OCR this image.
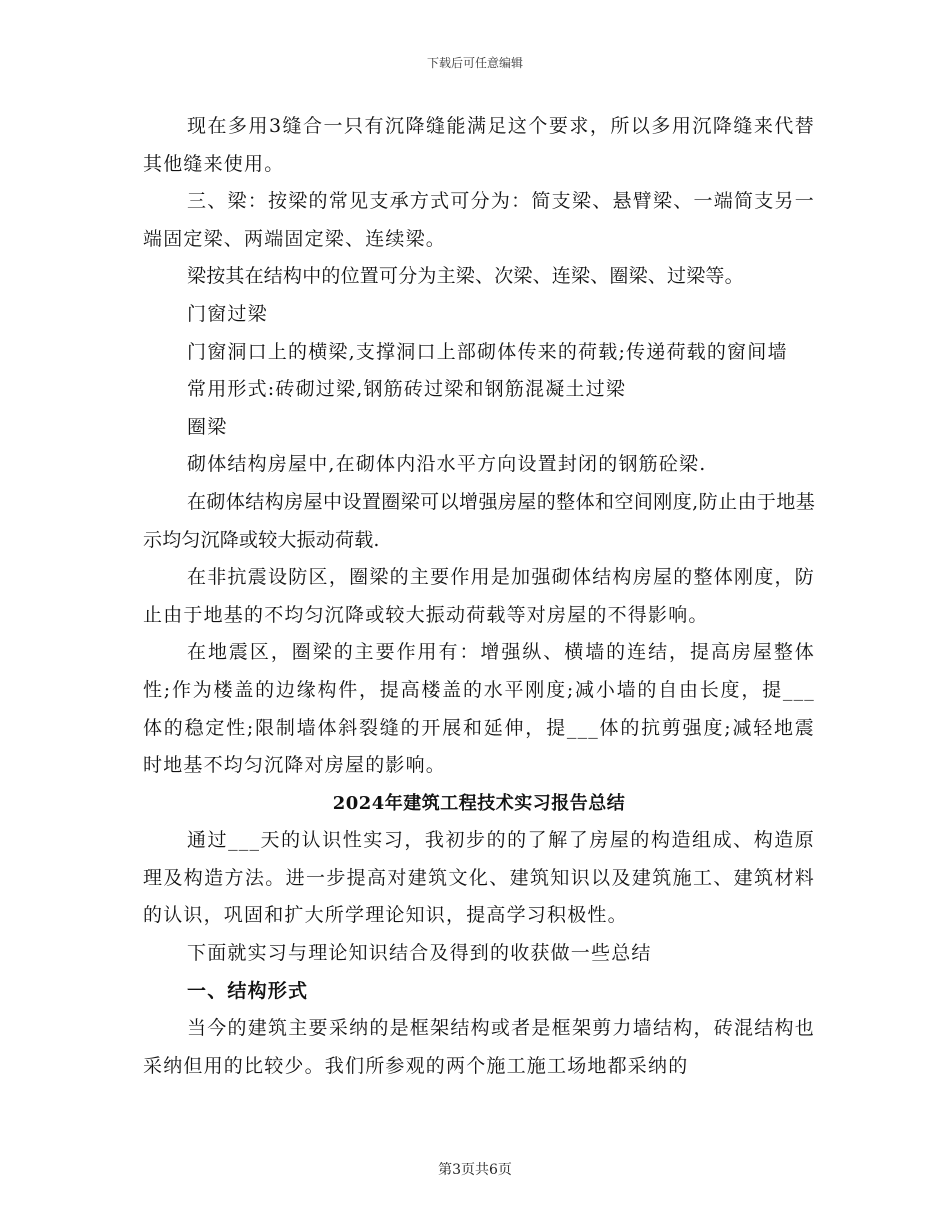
下载后可任意编辑

现在多用3缝合一只有沉降缝能满足这个要求，所以多用沉降缝来代替其他缝来使用。

三、梁：按梁的常见支承方式可分为：简支梁、悬臂梁、一端简支另一端固定梁、两端固定梁、连续梁。

梁按其在结构中的位置可分为主梁、次梁、连梁、圈梁、过梁等。

门窗过梁

门窗洞口上的横梁,支撑洞口上部砌体传来的荷载;传递荷载的窗间墙

常用形式:砖砌过梁,钢筋砖过梁和钢筋混凝土过梁

圈梁

砌体结构房屋中,在砌体内沿水平方向设置封闭的钢筋砼梁.

在砌体结构房屋中设置圈梁可以增强房屋的整体和空间刚度,防止由于地基示均匀沉降或较大振动荷载.

在非抗震设防区，圈梁的主要作用是加强砌体结构房屋的整体刚度，防止由于地基的不均匀沉降或较大振动荷载等对房屋的不得影响。

在地震区，圈梁的主要作用有：增强纵、横墙的连结，提高房屋整体性;作为楼盖的边缘构件，提高楼盖的水平刚度;减小墙的自由长度，提___体的稳定性;限制墙体斜裂缝的开展和延伸，提___体的抗剪强度;减轻地震时地基不均匀沉降对房屋的影响。

2024年建筑工程技术实习报告总结

通过___天的认识性实习，我初步的的了解了房屋的构造组成、构造原理及构造方法。进一步提高对建筑文化、建筑知识以及建筑施工、建筑材料的认识，巩固和扩大所学理论知识，提高学习积极性。

下面就实习与理论知识结合及得到的收获做一些总结

一、结构形式

当今的建筑主要采纳的是框架结构或者是框架剪力墙结构，砖混结构也采纳但用的比较少。我们所参观的两个施工施工场地都采纳的

第3页共6页
